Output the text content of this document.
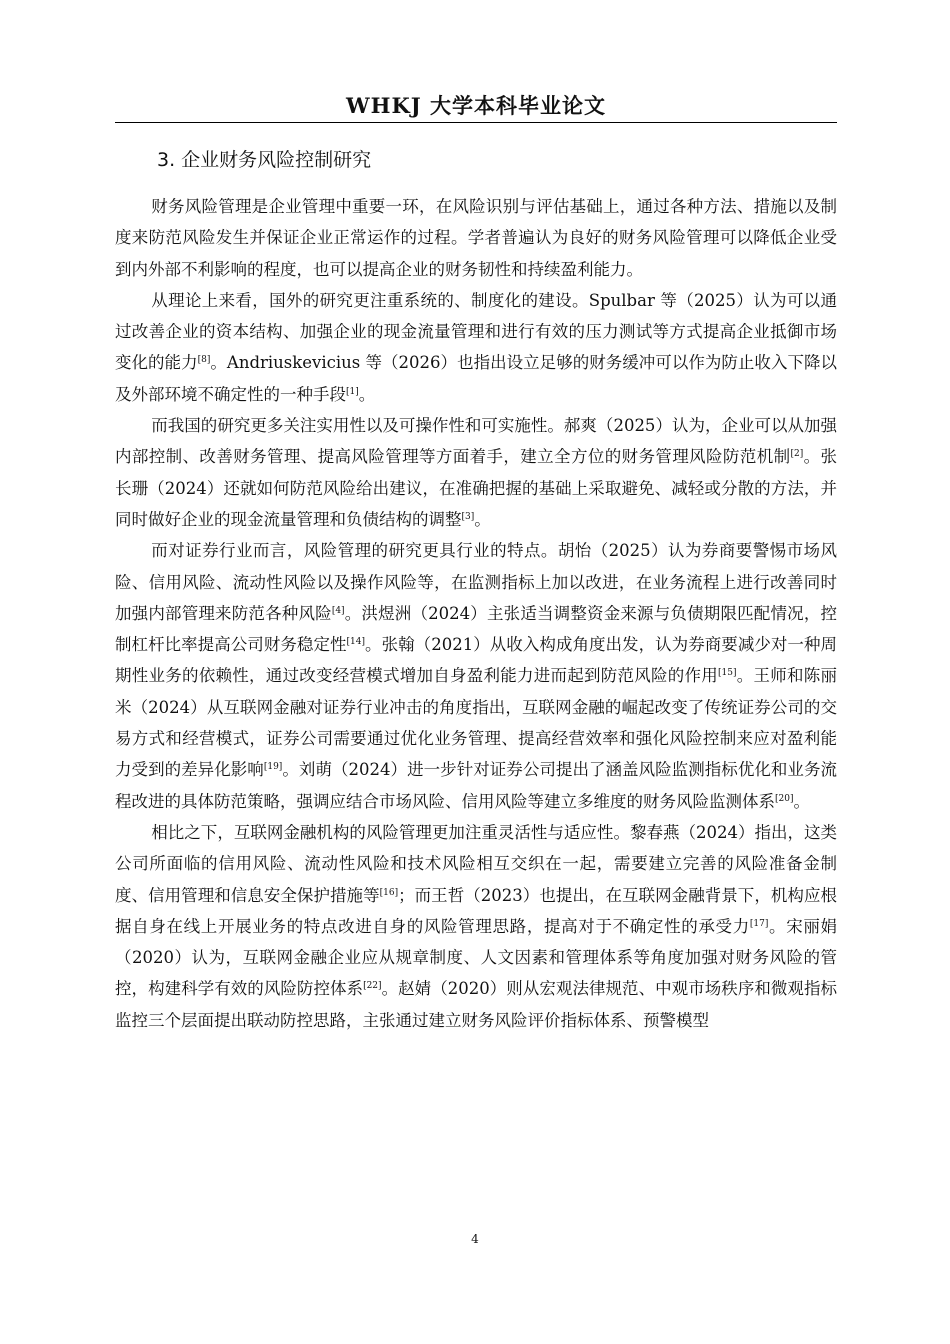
WHKJ 大学本科毕业论文
3. 企业财务风险控制研究

财务风险管理是企业管理中重要一环，在风险识别与评估基础上，通过各种方法、措施以及制度来防范风险发生并保证企业正常运作的过程。学者普遍认为良好的财务风险管理可以降低企业受到内外部不利影响的程度，也可以提高企业的财务韧性和持续盈利能力。

从理论上来看，国外的研究更注重系统的、制度化的建设。Spulbar 等（2025）认为可以通过改善企业的资本结构、加强企业的现金流量管理和进行有效的压力测试等方式提高企业抵御市场变化的能力[8]。Andriuskevicius 等（2026）也指出设立足够的财务缓冲可以作为防止收入下降以及外部环境不确定性的一种手段[1]。

而我国的研究更多关注实用性以及可操作性和可实施性。郝爽（2025）认为，企业可以从加强内部控制、改善财务管理、提高风险管理等方面着手，建立全方位的财务管理风险防范机制[2]。张长珊（2024）还就如何防范风险给出建议，在准确把握的基础上采取避免、减轻或分散的方法，并同时做好企业的现金流量管理和负债结构的调整[3]。

而对证券行业而言，风险管理的研究更具行业的特点。胡怡（2025）认为券商要警惕市场风险、信用风险、流动性风险以及操作风险等，在监测指标上加以改进，在业务流程上进行改善同时加强内部管理来防范各种风险[4]。洪煜洲（2024）主张适当调整资金来源与负债期限匹配情况，控制杠杆比率提高公司财务稳定性[14]。张翰（2021）从收入构成角度出发，认为券商要减少对一种周期性业务的依赖性，通过改变经营模式增加自身盈利能力进而起到防范风险的作用[15]。王师和陈丽米（2024）从互联网金融对证券行业冲击的角度指出，互联网金融的崛起改变了传统证券公司的交易方式和经营模式，证券公司需要通过优化业务管理、提高经营效率和强化风险控制来应对盈利能力受到的差异化影响[19]。刘萌（2024）进一步针对证券公司提出了涵盖风险监测指标优化和业务流程改进的具体防范策略，强调应结合市场风险、信用风险等建立多维度的财务风险监测体系[20]。

相比之下，互联网金融机构的风险管理更加注重灵活性与适应性。黎春燕（2024）指出，这类公司所面临的信用风险、流动性风险和技术风险相互交织在一起，需要建立完善的风险准备金制度、信用管理和信息安全保护措施等[16]；而王哲（2023）也提出，在互联网金融背景下，机构应根据自身在线上开展业务的特点改进自身的风险管理思路，提高对于不确定性的承受力[17]。宋丽娟（2020）认为，互联网金融企业应从规章制度、人文因素和管理体系等角度加强对财务风险的管控，构建科学有效的风险防控体系[22]。赵婧（2020）则从宏观法律规范、中观市场秩序和微观指标监控三个层面提出联动防控思路，主张通过建立财务风险评价指标体系、预警模型

4
